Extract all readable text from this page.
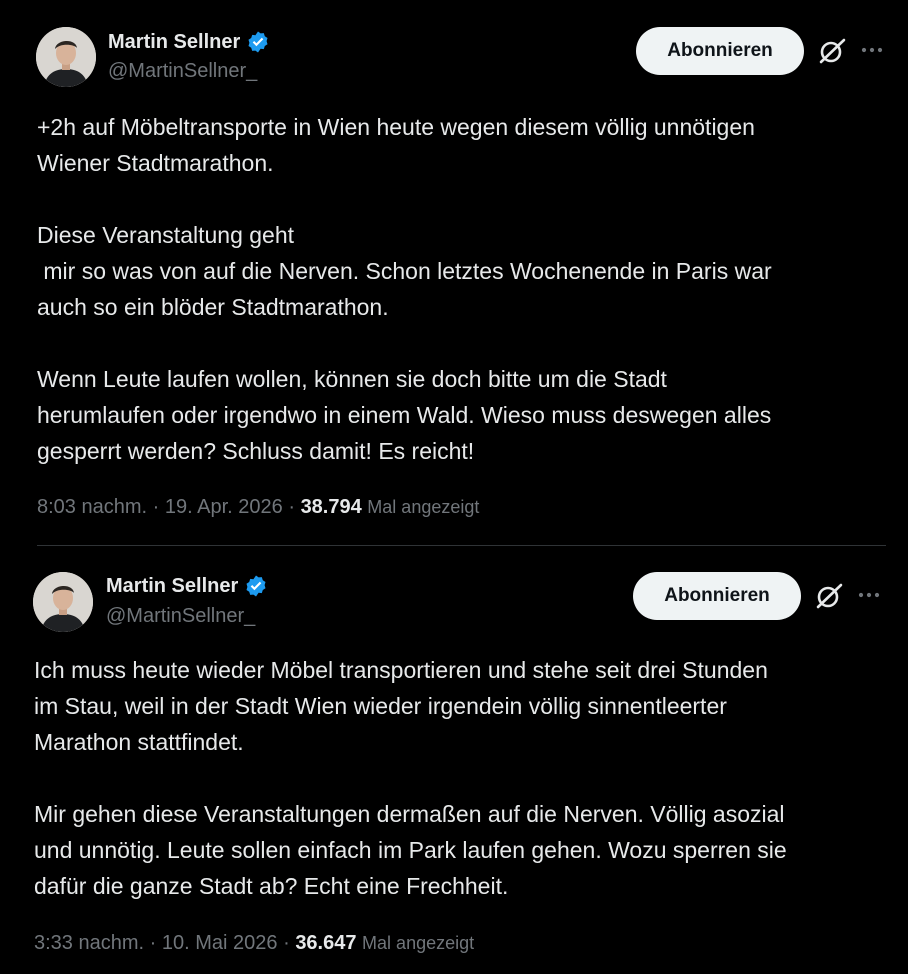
Martin Sellner
@MartinSellner_
Abonnieren
+2h auf Möbeltransporte in Wien heute wegen diesem völlig unnötigen
Wiener Stadtmarathon.

Diese Veranstaltung geht
mir so was von auf die Nerven. Schon letztes Wochenende in Paris war
auch so ein blöder Stadtmarathon.

Wenn Leute laufen wollen, können sie doch bitte um die Stadt
herumlaufen oder irgendwo in einem Wald. Wieso muss deswegen alles
gesperrt werden? Schluss damit! Es reicht!
8:03 nachm. · 19. Apr. 2026 · 38.794 Mal angezeigt
Martin Sellner
@MartinSellner_
Abonnieren
Ich muss heute wieder Möbel transportieren und stehe seit drei Stunden
im Stau, weil in der Stadt Wien wieder irgendein völlig sinnentleerter
Marathon stattfindet.

Mir gehen diese Veranstaltungen dermaßen auf die Nerven. Völlig asozial
und unnötig. Leute sollen einfach im Park laufen gehen. Wozu sperren sie
dafür die ganze Stadt ab? Echt eine Frechheit.
3:33 nachm. · 10. Mai 2026 · 36.647 Mal angezeigt
